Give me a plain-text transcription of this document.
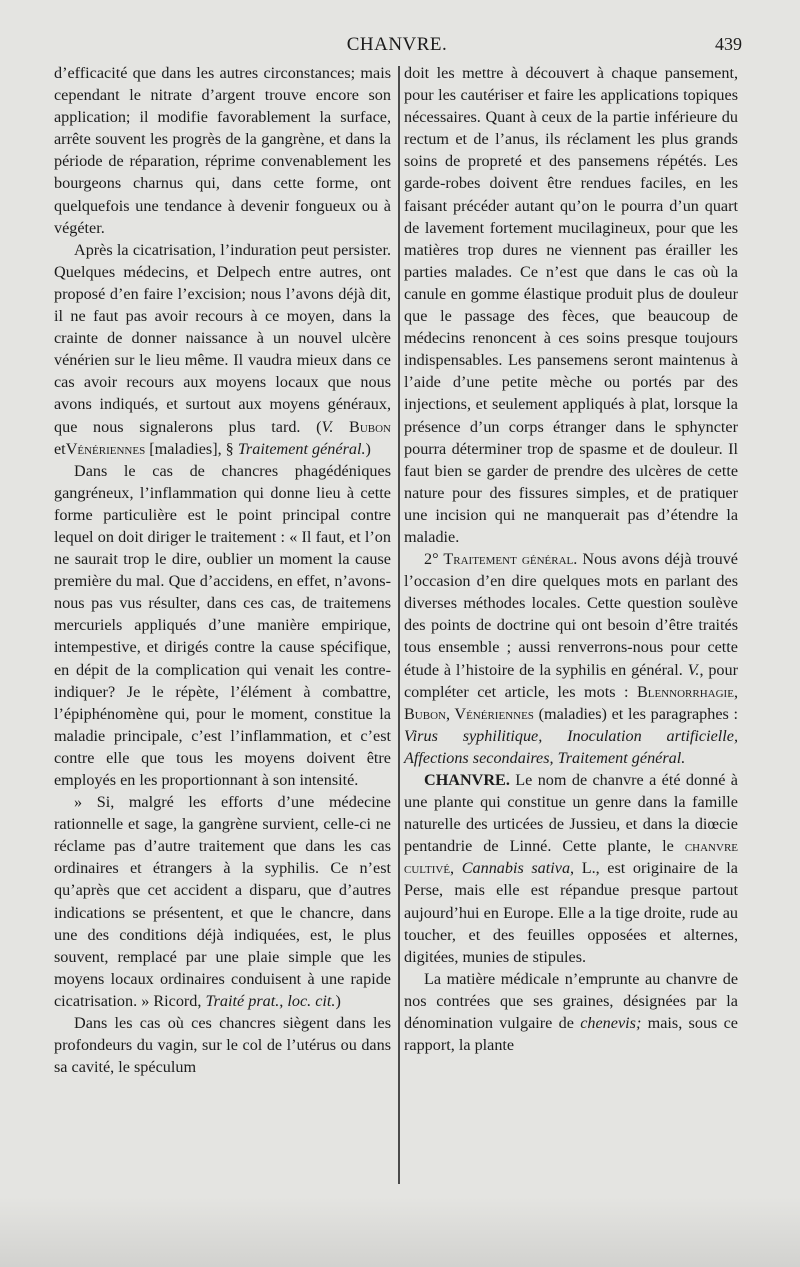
CHANVRE.	439

d’efficacité que dans les autres circonstances; mais cependant le nitrate d’argent trouve encore son application; il modifie favorablement la surface, arrête souvent les progrès de la gangrène, et dans la période de réparation, réprime convenablement les bourgeons charnus qui, dans cette forme, ont quelquefois une tendance à devenir fongueux ou à végéter.

Après la cicatrisation, l’induration peut persister. Quelques médecins, et Delpech entre autres, ont proposé d’en faire l’excision; nous l’avons déjà dit, il ne faut pas avoir recours à ce moyen, dans la crainte de donner naissance à un nouvel ulcère vénérien sur le lieu même. Il vaudra mieux dans ce cas avoir recours aux moyens locaux que nous avons indiqués, et surtout aux moyens généraux, que nous signalerons plus tard. (V. Bubon etVénériennes [maladies], § Traitement général.)

Dans le cas de chancres phagédéniques gangréneux, l’inflammation qui donne lieu à cette forme particulière est le point principal contre lequel on doit diriger le traitement : « Il faut, et l’on ne saurait trop le dire, oublier un moment la cause première du mal. Que d’accidens, en effet, n’avons-nous pas vus résulter, dans ces cas, de traitemens mercuriels appliqués d’une manière empirique, intempestive, et dirigés contre la cause spécifique, en dépit de la complication qui venait les contre-indiquer? Je le répète, l’élément à combattre, l’épiphénomène qui, pour le moment, constitue la maladie principale, c’est l’inflammation, et c’est contre elle que tous les moyens doivent être employés en les proportionnant à son intensité.

» Si, malgré les efforts d’une médecine rationnelle et sage, la gangrène survient, celle-ci ne réclame pas d’autre traitement que dans les cas ordinaires et étrangers à la syphilis. Ce n’est qu’après que cet accident a disparu, que d’autres indications se présentent, et que le chancre, dans une des conditions déjà indiquées, est, le plus souvent, remplacé par une plaie simple que les moyens locaux ordinaires conduisent à une rapide cicatrisation. » Ricord, Traité prat., loc. cit.)

Dans les cas où ces chancres siègent dans les profondeurs du vagin, sur le col de l’utérus ou dans sa cavité, le spéculum

doit les mettre à découvert à chaque pansement, pour les cautériser et faire les applications topiques nécessaires. Quant à ceux de la partie inférieure du rectum et de l’anus, ils réclament les plus grands soins de propreté et des pansemens répétés. Les garde-robes doivent être rendues faciles, en les faisant précéder autant qu’on le pourra d’un quart de lavement fortement mucilagineux, pour que les matières trop dures ne viennent pas érailler les parties malades. Ce n’est que dans le cas où la canule en gomme élastique produit plus de douleur que le passage des fèces, que beaucoup de médecins renoncent à ces soins presque toujours indispensables. Les pansemens seront maintenus à l’aide d’une petite mèche ou portés par des injections, et seulement appliqués à plat, lorsque la présence d’un corps étranger dans le sphyncter pourra déterminer trop de spasme et de douleur. Il faut bien se garder de prendre des ulcères de cette nature pour des fissures simples, et de pratiquer une incision qui ne manquerait pas d’étendre la maladie.

2° Traitement général. Nous avons déjà trouvé l’occasion d’en dire quelques mots en parlant des diverses méthodes locales. Cette question soulève des points de doctrine qui ont besoin d’être traités tous ensemble ; aussi renverrons-nous pour cette étude à l’histoire de la syphilis en général. V., pour compléter cet article, les mots : Blennorrhagie, Bubon, Vénériennes (maladies) et les paragraphes : Virus syphilitique, Inoculation artificielle, Affections secondaires, Traitement général.

CHANVRE. Le nom de chanvre a été donné à une plante qui constitue un genre dans la famille naturelle des urticées de Jussieu, et dans la diœcie pentandrie de Linné. Cette plante, le chanvre cultivé, Cannabis sativa, L., est originaire de la Perse, mais elle est répandue presque partout aujourd’hui en Europe. Elle a la tige droite, rude au toucher, et des feuilles opposées et alternes, digitées, munies de stipules.

La matière médicale n’emprunte au chanvre de nos contrées que ses graines, désignées par la dénomination vulgaire de chenevis; mais, sous ce rapport, la plante
